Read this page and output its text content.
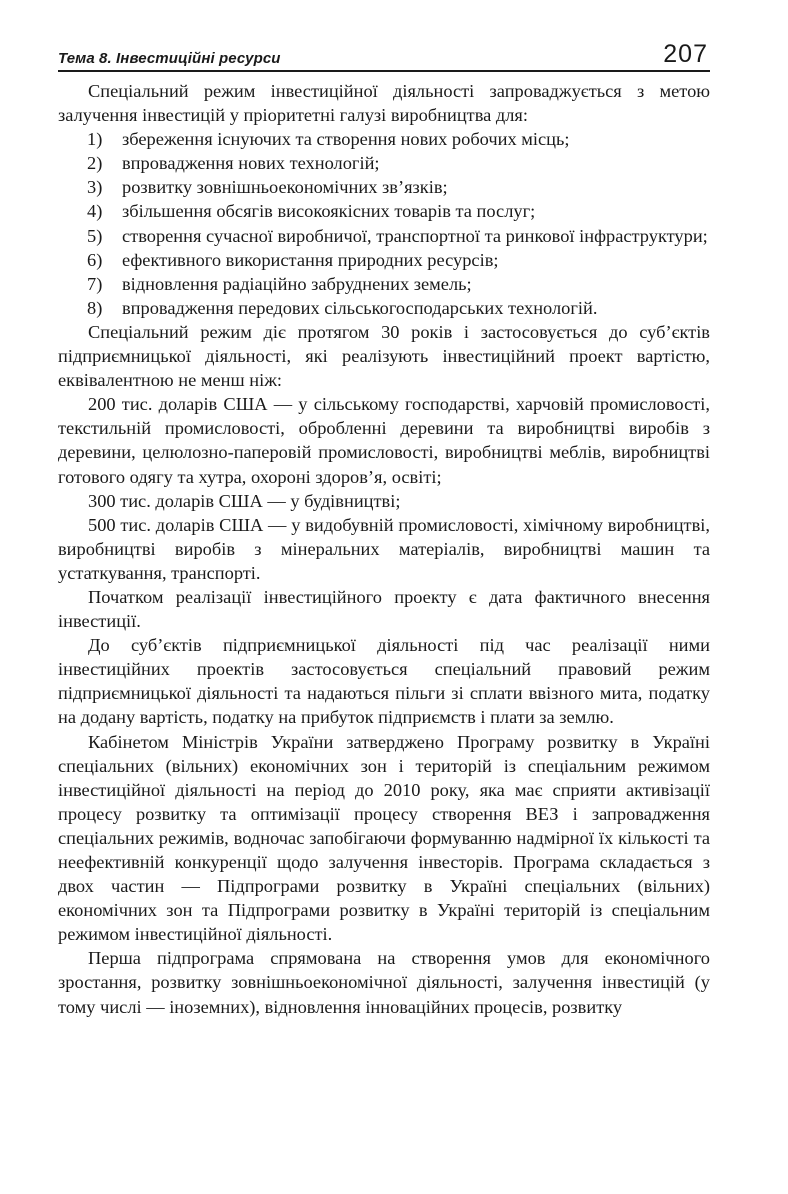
Тема 8. Інвестиційні ресурси	207

Спеціальний режим інвестиційної діяльності запроваджується з метою залучення інвестицій у пріоритетні галузі виробництва для:

1) збереження існуючих та створення нових робочих місць;
2) впровадження нових технологій;
3) розвитку зовнішньоекономічних зв’язків;
4) збільшення обсягів високоякісних товарів та послуг;
5) створення сучасної виробничої, транспортної та ринкової інфраструктури;
6) ефективного використання природних ресурсів;
7) відновлення радіаційно забруднених земель;
8) впровадження передових сільськогосподарських технологій.

Спеціальний режим діє протягом 30 років і застосовується до суб’єктів підприємницької діяльності, які реалізують інвестиційний проект вартістю, еквівалентною не менш ніж:

200 тис. доларів США — у сільському господарстві, харчовій промисловості, текстильній промисловості, обробленні деревини та виробництві виробів з деревини, целюлозно-паперовій промисловості, виробництві меблів, виробництві готового одягу та хутра, охороні здоров’я, освіті;

300 тис. доларів США — у будівництві;

500 тис. доларів США — у видобувній промисловості, хімічному виробництві, виробництві виробів з мінеральних матеріалів, виробництві машин та устаткування, транспорті.

Початком реалізації інвестиційного проекту є дата фактичного внесення інвестиції.

До суб’єктів підприємницької діяльності під час реалізації ними інвестиційних проектів застосовується спеціальний правовий режим підприємницької діяльності та надаються пільги зі сплати ввізного мита, податку на додану вартість, податку на прибуток підприємств і плати за землю.

Кабінетом Міністрів України затверджено Програму розвитку в Україні спеціальних (вільних) економічних зон і територій із спеціальним режимом інвестиційної діяльності на період до 2010 року, яка має сприяти активізації процесу розвитку та оптимізації процесу створення ВЕЗ і запровадження спеціальних режимів, водночас запобігаючи формуванню надмірної їх кількості та неефективній конкуренції щодо залучення інвесторів. Програма складається з двох частин — Підпрограми розвитку в Україні спеціальних (вільних) економічних зон та Підпрограми розвитку в Україні територій із спеціальним режимом інвестиційної діяльності.

Перша підпрограма спрямована на створення умов для економічного зростання, розвитку зовнішньоекономічної діяльності, залучення інвестицій (у тому числі — іноземних), відновлення інноваційних процесів, розвитку
